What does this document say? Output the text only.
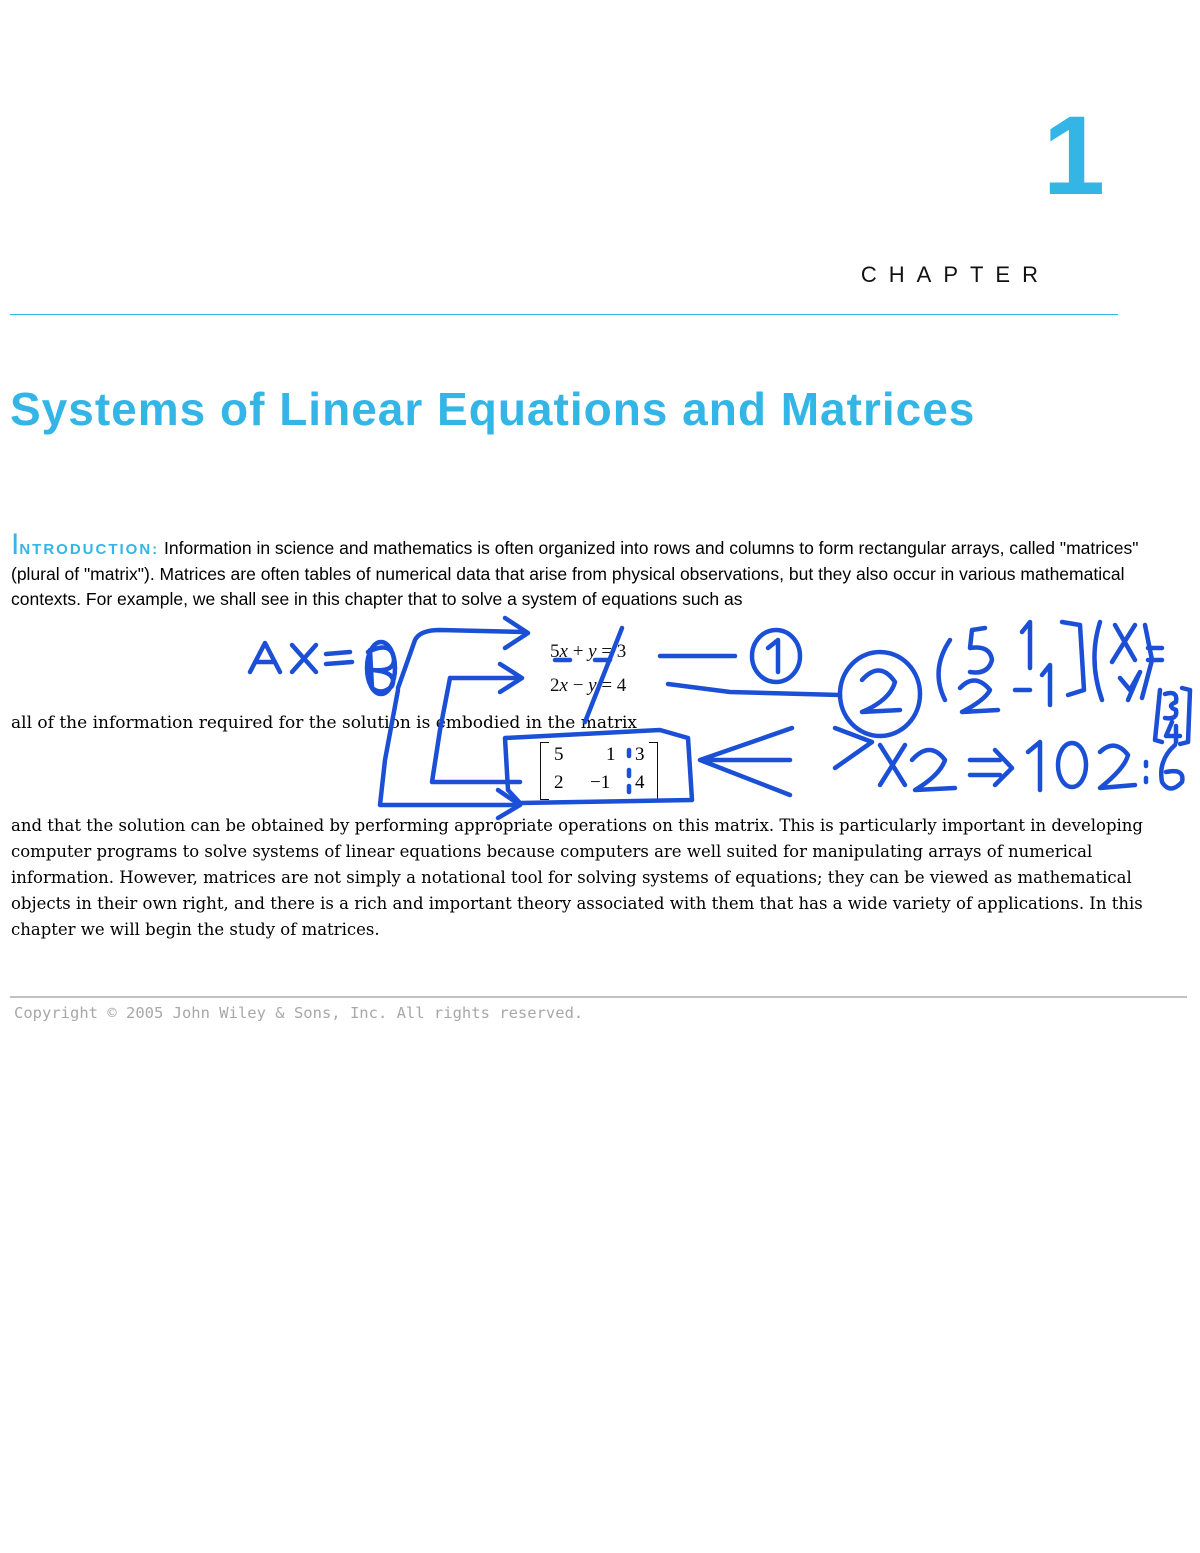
1
CHAPTER
Systems of Linear Equations and Matrices

INTRODUCTION: Information in science and mathematics is often organized into rows and columns to form rectangular arrays, called "matrices" (plural of "matrix"). Matrices are often tables of numerical data that arise from physical observations, but they also occur in various mathematical contexts. For example, we shall see in this chapter that to solve a system of equations such as

5x + y = 3
2x − y = 4
all of the information required for the solution is embodied in the matrix
5 1 3
2 −1 4

and that the solution can be obtained by performing appropriate operations on this matrix. This is particularly important in developing computer programs to solve systems of linear equations because computers are well suited for manipulating arrays of numerical information. However, matrices are not simply a notational tool for solving systems of equations; they can be viewed as mathematical objects in their own right, and there is a rich and important theory associated with them that has a wide variety of applications. In this chapter we will begin the study of matrices.

Copyright © 2005 John Wiley & Sons, Inc. All rights reserved.
